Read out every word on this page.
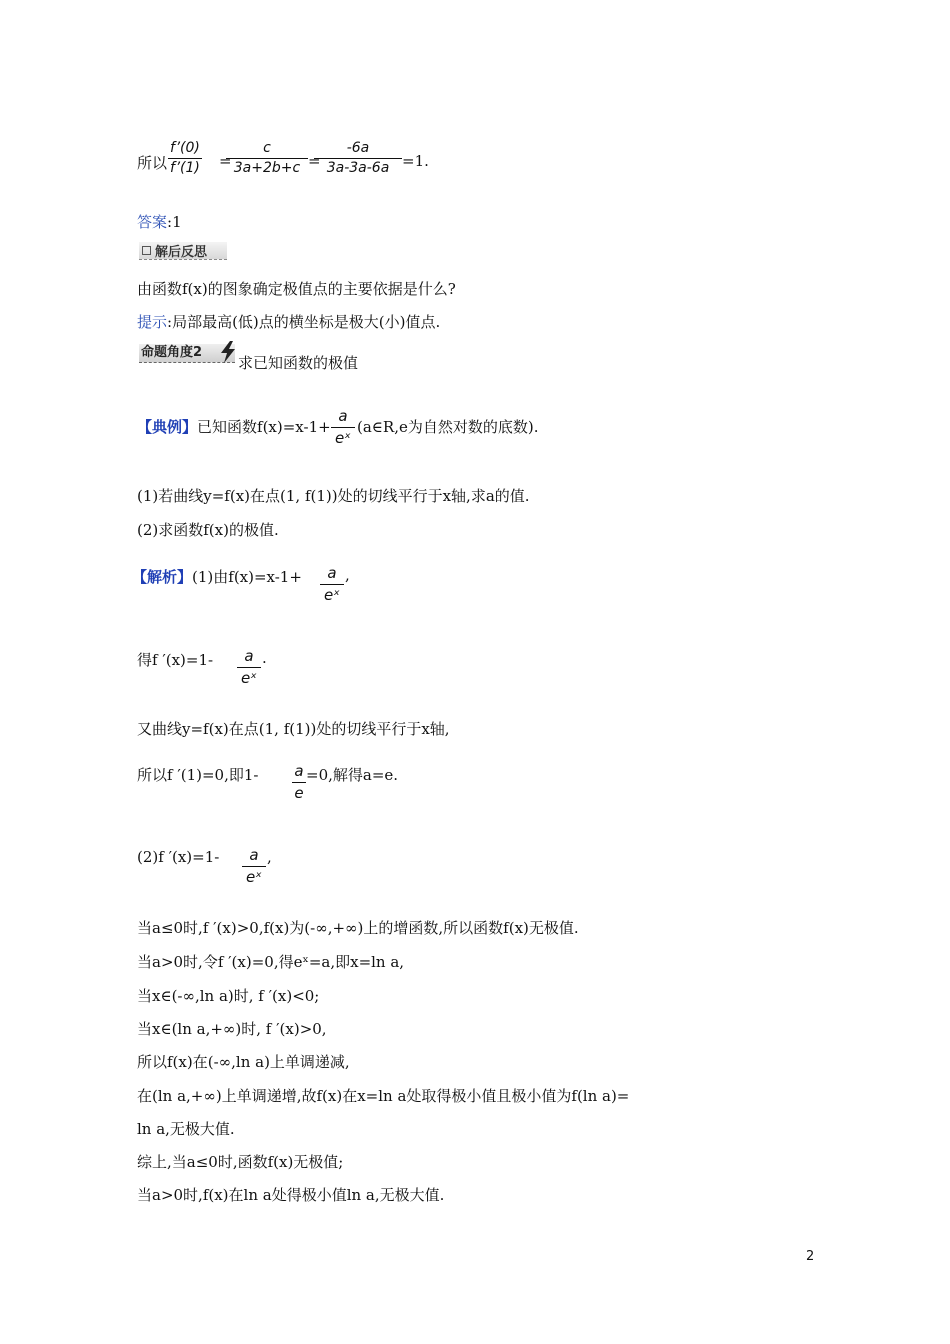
所以 $\frac{f’(0)}{f’(1)}$ =
$\frac{c}{3a+2b+c}$ =
$\frac{-6a}{3a-3a-6a} =1$.
答案:1
解后反思
由函数f(x)的图象确定极值点的主要依据是什么?
提示:局部最高(低)点的横坐标是极大(小)值点.
命题角度2
求已知函数的极值
【典例】已知函数$f(x)=x-1+ \frac{a}{\text{eˣ}}$ (a∈R,e为自然对数的底数).
(1)若曲线y=f(x)在点(1, f(1))处的切线平行于x轴,求a的值.
(2)求函数f(x)的极值.
【解析】(1)由$f(x)=x-1+ \frac{a}{\text{eˣ}}$ ,
得f $'(x)=1- \frac{a}{\text{eˣ}}$ .
又曲线y=f(x)在点(1, f(1))处的切线平行于x轴,
所以f ′(1)=0,即$1- \frac{a}{e} =0$,解得a=e.
(2)f $'(x)=1- \frac{a}{\text{eˣ}}$ ,
当a≤0时,f ′(x)>0,f(x)为(-∞,+∞)上的增函数,所以函数f(x)无极值.
当a>0时,令f ′(x)=0,得eˣ=a,即x=ln a,
当x∈(-∞,ln a)时, f ′(x)<0;
当x∈(ln a,+∞)时, f ′(x)>0,
所以f(x)在(-∞,ln a)上单调递减,
在(ln a,+∞)上单调递增,故f(x)在x=ln a处取得极小值且极小值为f(ln a)=
ln a,无极大值.
综上,当a≤0时,函数f(x)无极值;
当a>0时,f(x)在ln a处得极小值ln a,无极大值.
2
